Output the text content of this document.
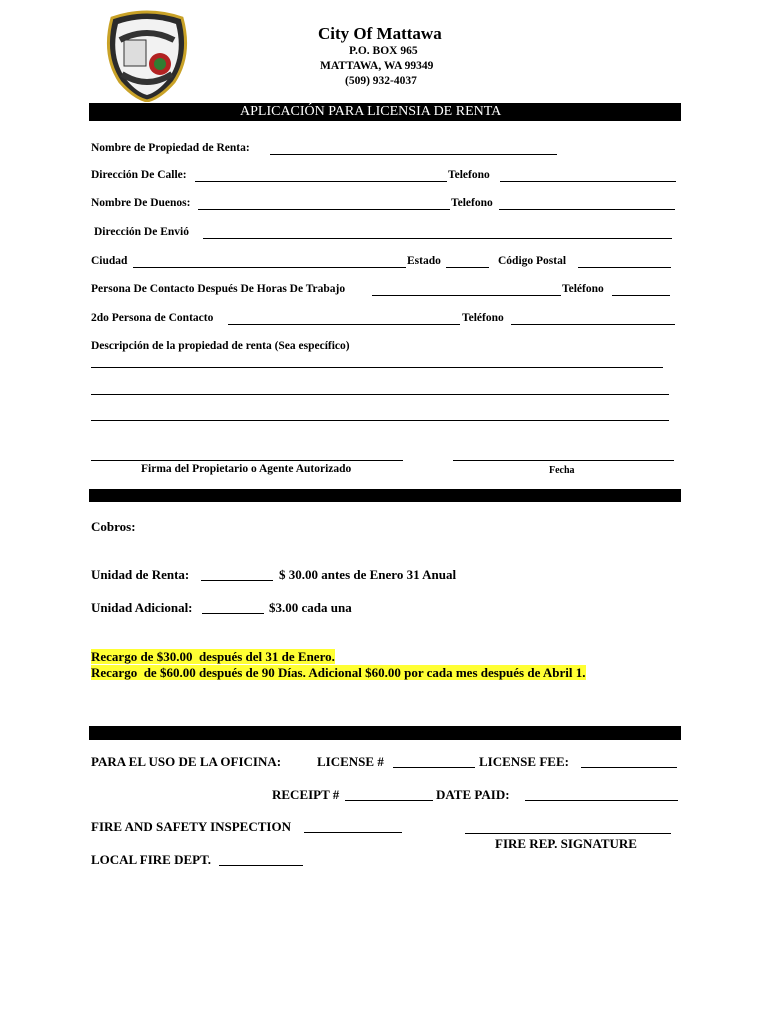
City Of Mattawa
P.O. BOX 965
MATTAWA, WA 99349
(509) 932-4037
APLICACIÓN PARA LICENSIA DE RENTA
Nombre de Propiedad de Renta:
Dirección De Calle:	Telefono
Nombre De Duenos:	Telefono
Dirección De Envió
Ciudad	Estado	Código Postal
Persona De Contacto Después De Horas De Trabajo	Teléfono
2do Persona de Contacto	Teléfono
Descripción de la propiedad de renta (Sea específico)
Firma del Propietario o Agente Autorizado	Fecha
Cobros:
Unidad de Renta:	$ 30.00 antes de Enero 31 Anual
Unidad Adicional:	$3.00 cada una
Recargo de $30.00  después del 31 de Enero.
Recargo  de $60.00 después de 90 Días. Adicional $60.00 por cada mes después de Abril 1.
PARA EL USO DE LA OFICINA:	LICENSE #	LICENSE FEE:
RECEIPT #	DATE PAID:
FIRE AND SAFETY INSPECTION
FIRE REP. SIGNATURE
LOCAL FIRE DEPT.
